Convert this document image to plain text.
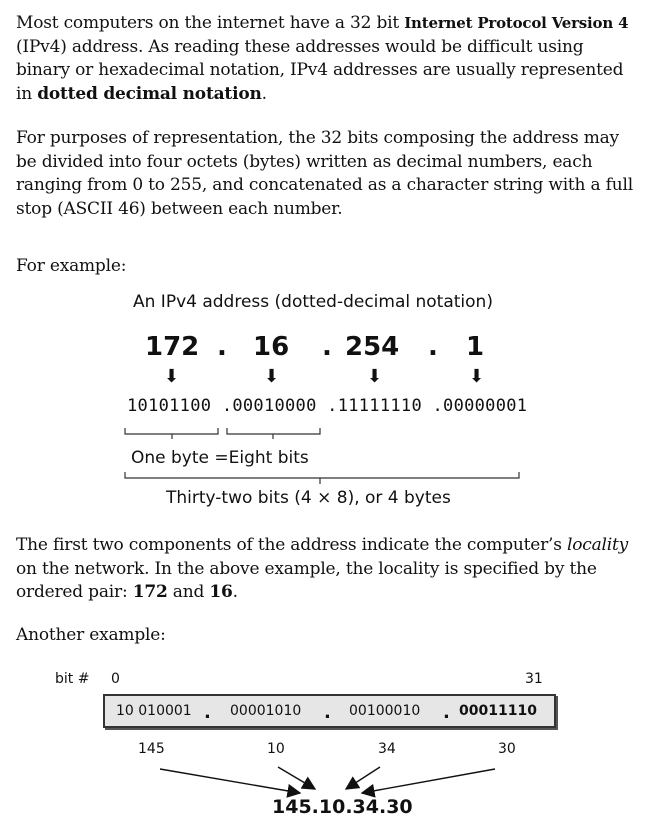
Most computers on the internet have a 32 bit Internet Protocol Version 4 (IPv4) address. As reading these addresses would be difficult using binary or hexadecimal notation, IPv4 addresses are usually represented in dotted decimal notation.
For purposes of representation, the 32 bits composing the address may be divided into four octets (bytes) written as decimal numbers, each ranging from 0 to 255, and concatenated as a character string with a full stop (ASCII 46) between each number.
For example:
An IPv4 address (dotted-decimal notation)
172 . 16 . 254 . 1
⬇	⬇	⬇	⬇
10101100 .00010000 .11111110 .00000001
One byte =Eight bits
Thirty-two bits (4 × 8), or 4 bytes
The first two components of the address indicate the computer’s locality on the network. In the above example, the locality is specified by the ordered pair: 172 and 16.
Another example:
bit # 0	31
10 010001 . 00001010 . 00100010 . 00011110
145	10	34	30
145.10.34.30
